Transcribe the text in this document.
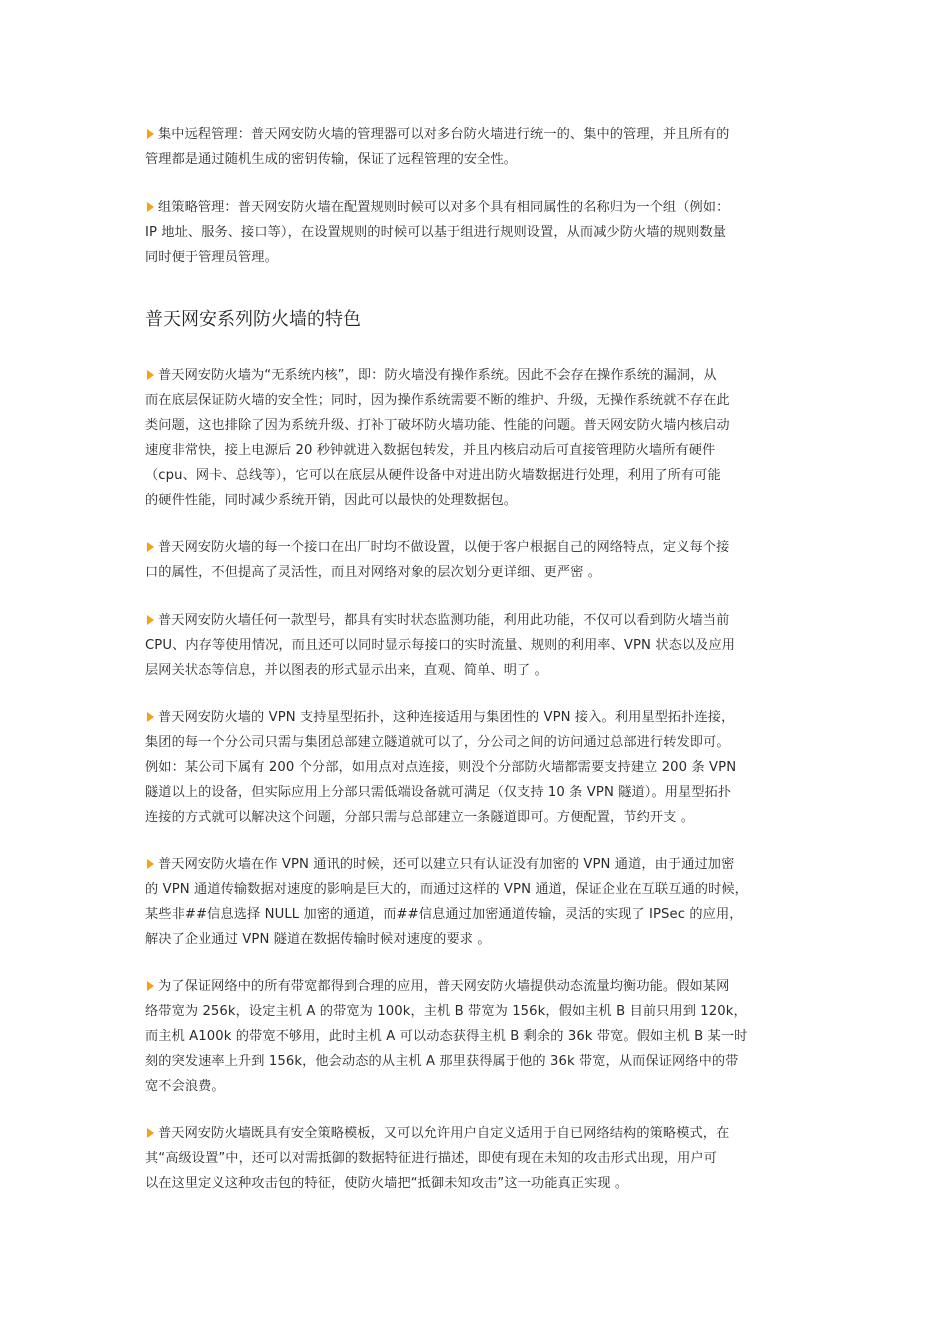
集中远程管理：普天网安防火墙的管理器可以对多台防火墙进行统一的、集中的管理，并且所有的
管理都是通过随机生成的密钥传输，保证了远程管理的安全性。

组策略管理：普天网安防火墙在配置规则时候可以对多个具有相同属性的名称归为一个组（例如：
IP 地址、服务、接口等），在设置规则的时候可以基于组进行规则设置，从而减少防火墙的规则数量
同时便于管理员管理。

普天网安系列防火墙的特色

普天网安防火墙为“无系统内核”，即：防火墙没有操作系统。因此不会存在操作系统的漏洞，从
而在底层保证防火墙的安全性；同时，因为操作系统需要不断的维护、升级，无操作系统就不存在此
类问题，这也排除了因为系统升级、打补丁破坏防火墙功能、性能的问题。普天网安防火墙内核启动
速度非常快，接上电源后 20 秒钟就进入数据包转发，并且内核启动后可直接管理防火墙所有硬件
（cpu、网卡、总线等），它可以在底层从硬件设备中对进出防火墙数据进行处理，利用了所有可能
的硬件性能，同时减少系统开销，因此可以最快的处理数据包。

普天网安防火墙的每一个接口在出厂时均不做设置，以便于客户根据自己的网络特点，定义每个接
口的属性，不但提高了灵活性，而且对网络对象的层次划分更详细、更严密 。

普天网安防火墙任何一款型号，都具有实时状态监测功能，利用此功能，不仅可以看到防火墙当前
CPU、内存等使用情况，而且还可以同时显示每接口的实时流量、规则的利用率、VPN 状态以及应用
层网关状态等信息，并以图表的形式显示出来，直观、简单、明了 。

普天网安防火墙的 VPN 支持星型拓扑，这种连接适用与集团性的 VPN 接入。利用星型拓扑连接，
集团的每一个分公司只需与集团总部建立隧道就可以了，分公司之间的访问通过总部进行转发即可。
例如：某公司下属有 200 个分部，如用点对点连接，则没个分部防火墙都需要支持建立 200 条 VPN
隧道以上的设备，但实际应用上分部只需低端设备就可满足（仅支持 10 条 VPN 隧道）。用星型拓扑
连接的方式就可以解决这个问题，分部只需与总部建立一条隧道即可。方便配置，节约开支 。

普天网安防火墙在作 VPN 通讯的时候，还可以建立只有认证没有加密的 VPN 通道，由于通过加密
的 VPN 通道传输数据对速度的影响是巨大的，而通过这样的 VPN 通道，保证企业在互联互通的时候，
某些非##信息选择 NULL 加密的通道，而##信息通过加密通道传输，灵活的实现了 IPSec 的应用，
解决了企业通过 VPN 隧道在数据传输时候对速度的要求 。

为了保证网络中的所有带宽都得到合理的应用，普天网安防火墙提供动态流量均衡功能。假如某网
络带宽为 256k，设定主机 A 的带宽为 100k，主机 B 带宽为 156k，假如主机 B 目前只用到 120k，
而主机 A100k 的带宽不够用，此时主机 A 可以动态获得主机 B 剩余的 36k 带宽。假如主机 B 某一时
刻的突发速率上升到 156k，他会动态的从主机 A 那里获得属于他的 36k 带宽，从而保证网络中的带
宽不会浪费。

普天网安防火墙既具有安全策略模板，又可以允许用户自定义适用于自已网络结构的策略模式，在
其“高级设置”中，还可以对需抵御的数据特征进行描述，即使有现在未知的攻击形式出现，用户可
以在这里定义这种攻击包的特征，使防火墙把“抵御未知攻击”这一功能真正实现 。
